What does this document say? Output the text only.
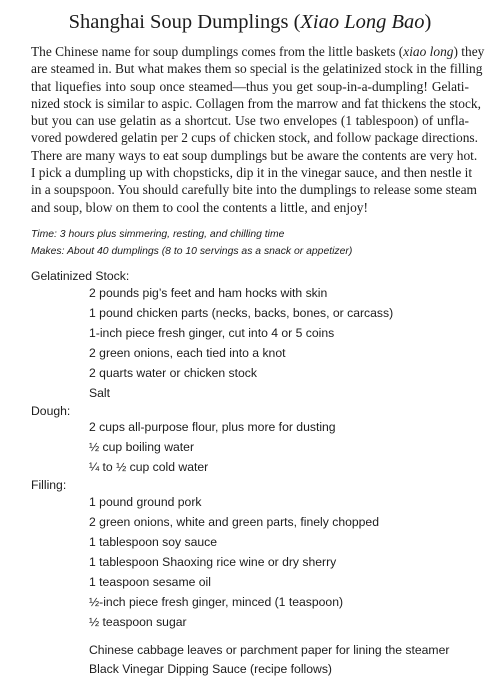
Shanghai Soup Dumplings (Xiao Long Bao)
The Chinese name for soup dumplings comes from the little baskets (xiao long) they
are steamed in. But what makes them so special is the gelatinized stock in the filling
that liquefies into soup once steamed—thus you get soup-in-a-dumpling! Gelati-
nized stock is similar to aspic. Collagen from the marrow and fat thickens the stock,
but you can use gelatin as a shortcut. Use two envelopes (1 tablespoon) of unfla-
vored powdered gelatin per 2 cups of chicken stock, and follow package directions.
There are many ways to eat soup dumplings but be aware the contents are very hot.
I pick a dumpling up with chopsticks, dip it in the vinegar sauce, and then nestle it
in a soupspoon. You should carefully bite into the dumplings to release some steam
and soup, blow on them to cool the contents a little, and enjoy!
Time: 3 hours plus simmering, resting, and chilling time
Makes: About 40 dumplings (8 to 10 servings as a snack or appetizer)
Gelatinized Stock:
2 pounds pig’s feet and ham hocks with skin
1 pound chicken parts (necks, backs, bones, or carcass)
1-inch piece fresh ginger, cut into 4 or 5 coins
2 green onions, each tied into a knot
2 quarts water or chicken stock
Salt
Dough:
2 cups all-purpose flour, plus more for dusting
½ cup boiling water
¼ to ½ cup cold water
Filling:
1 pound ground pork
2 green onions, white and green parts, finely chopped
1 tablespoon soy sauce
1 tablespoon Shaoxing rice wine or dry sherry
1 teaspoon sesame oil
½-inch piece fresh ginger, minced (1 teaspoon)
½ teaspoon sugar
Chinese cabbage leaves or parchment paper for lining the steamer
Black Vinegar Dipping Sauce (recipe follows)
